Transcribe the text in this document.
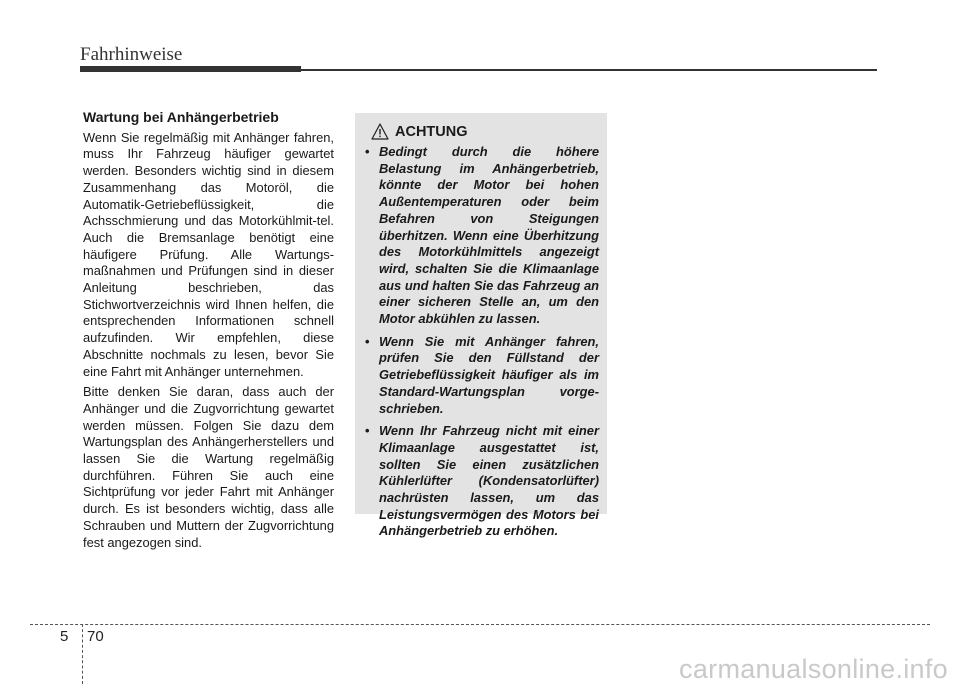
Fahrhinweise
Wartung bei Anhängerbetrieb

Wenn Sie regelmäßig mit Anhänger fahren, muss Ihr Fahrzeug häufiger gewartet werden. Besonders wichtig sind in diesem Zusammenhang das Motoröl, die Automatik-Getriebeflüssigkeit, die Achsschmierung und das Motorkühlmit-tel. Auch die Bremsanlage benötigt eine häufigere Prüfung. Alle Wartungs-maßnahmen und Prüfungen sind in dieser Anleitung beschrieben, das Stichwortverzeichnis wird Ihnen helfen, die entsprechenden Informationen schnell aufzufinden. Wir empfehlen, diese Abschnitte nochmals zu lesen, bevor Sie eine Fahrt mit Anhänger unternehmen.

Bitte denken Sie daran, dass auch der Anhänger und die Zugvorrichtung gewartet werden müssen. Folgen Sie dazu dem Wartungsplan des Anhängerherstellers und lassen Sie die Wartung regelmäßig durchführen. Führen Sie auch eine Sichtprüfung vor jeder Fahrt mit Anhänger durch. Es ist besonders wichtig, dass alle Schrauben und Muttern der Zugvorrichtung fest angezogen sind.

ACHTUNG
• Bedingt durch die höhere Belastung im Anhängerbetrieb, könnte der Motor bei hohen Außentemperaturen oder beim Befahren von Steigungen überhitzen. Wenn eine Überhitzung des Motorkühlmittels angezeigt wird, schalten Sie die Klimaanlage aus und halten Sie das Fahrzeug an einer sicheren Stelle an, um den Motor abkühlen zu lassen.
• Wenn Sie mit Anhänger fahren, prüfen Sie den Füllstand der Getriebeflüssigkeit häufiger als im Standard-Wartungsplan vorge-schrieben.
• Wenn Ihr Fahrzeug nicht mit einer Klimaanlage ausgestattet ist, sollten Sie einen zusätzlichen Kühlerlüfter (Kondensatorlüfter) nachrüsten lassen, um das Leistungsvermögen des Motors bei Anhängerbetrieb zu erhöhen.
5 70
carmanualsonline.info
